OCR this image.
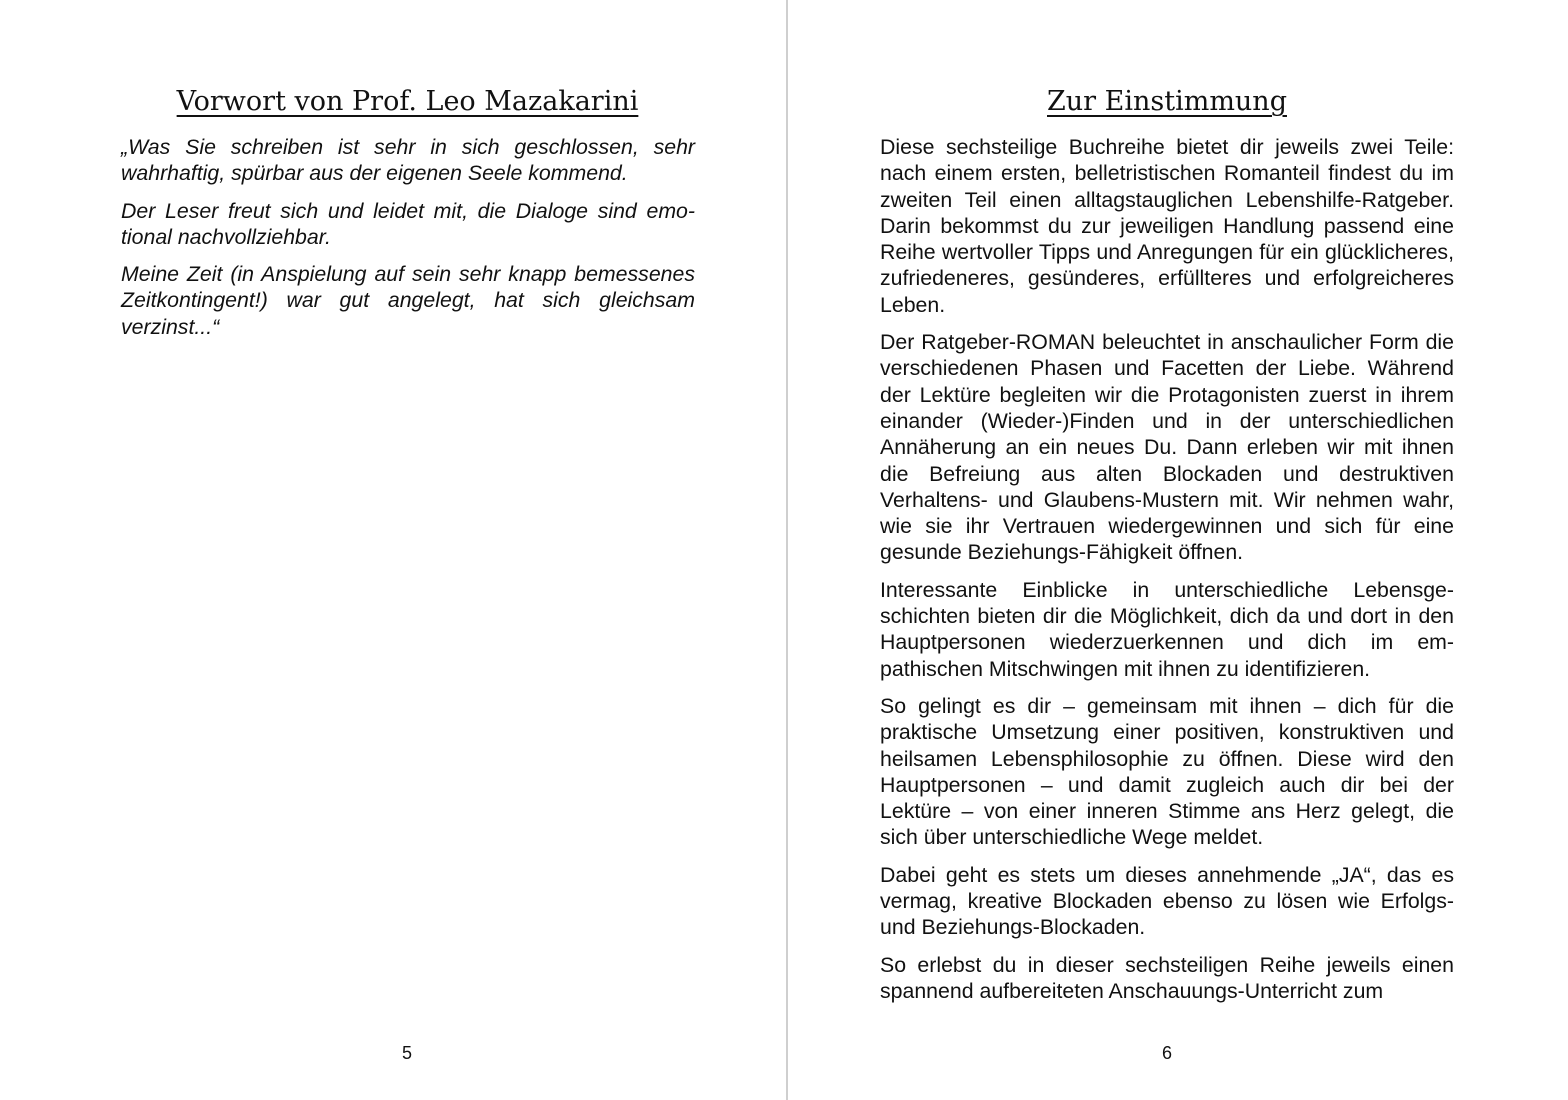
Vorwort von Prof. Leo Mazakarini

„Was Sie schreiben ist sehr in sich geschlossen, sehr wahrhaftig, spürbar aus der eigenen Seele kommend.

Der Leser freut sich und leidet mit, die Dialoge sind emotional nachvollziehbar.

Meine Zeit (in Anspielung auf sein sehr knapp bemessenes Zeitkontingent!) war gut angelegt, hat sich gleichsam verzinst...“

5
Zur Einstimmung

Diese sechsteilige Buchreihe bietet dir jeweils zwei Teile: nach einem ersten, belletristischen Romanteil findest du im zweiten Teil einen alltagstauglichen Lebenshilfe-Ratgeber. Darin bekommst du zur jeweiligen Handlung passend eine Reihe wertvoller Tipps und Anregungen für ein glücklicheres, zufriedeneres, gesünderes, erfüllteres und erfolgreicheres Leben.

Der Ratgeber-ROMAN beleuchtet in anschaulicher Form die verschiedenen Phasen und Facetten der Liebe. Während der Lektüre begleiten wir die Protagonisten zuerst in ihrem einander (Wieder-)Finden und in der unterschiedlichen Annäherung an ein neues Du. Dann erleben wir mit ihnen die Befreiung aus alten Blockaden und destruktiven Verhaltens- und Glaubens-Mustern mit. Wir nehmen wahr, wie sie ihr Vertrauen wiedergewinnen und sich für eine gesunde Beziehungs-Fähigkeit öffnen.

Interessante Einblicke in unterschiedliche Lebensgeschichten bieten dir die Möglichkeit, dich da und dort in den Hauptpersonen wiederzuerkennen und dich im empathischen Mitschwingen mit ihnen zu identifizieren.

So gelingt es dir – gemeinsam mit ihnen – dich für die praktische Umsetzung einer positiven, konstruktiven und heilsamen Lebensphilosophie zu öffnen. Diese wird den Hauptpersonen – und damit zugleich auch dir bei der Lektüre – von einer inneren Stimme ans Herz gelegt, die sich über unterschiedliche Wege meldet.

Dabei geht es stets um dieses annehmende „JA“, das es vermag, kreative Blockaden ebenso zu lösen wie Erfolgs- und Beziehungs-Blockaden.

So erlebst du in dieser sechsteiligen Reihe jeweils einen spannend aufbereiteten Anschauungs-Unterricht zum

6
